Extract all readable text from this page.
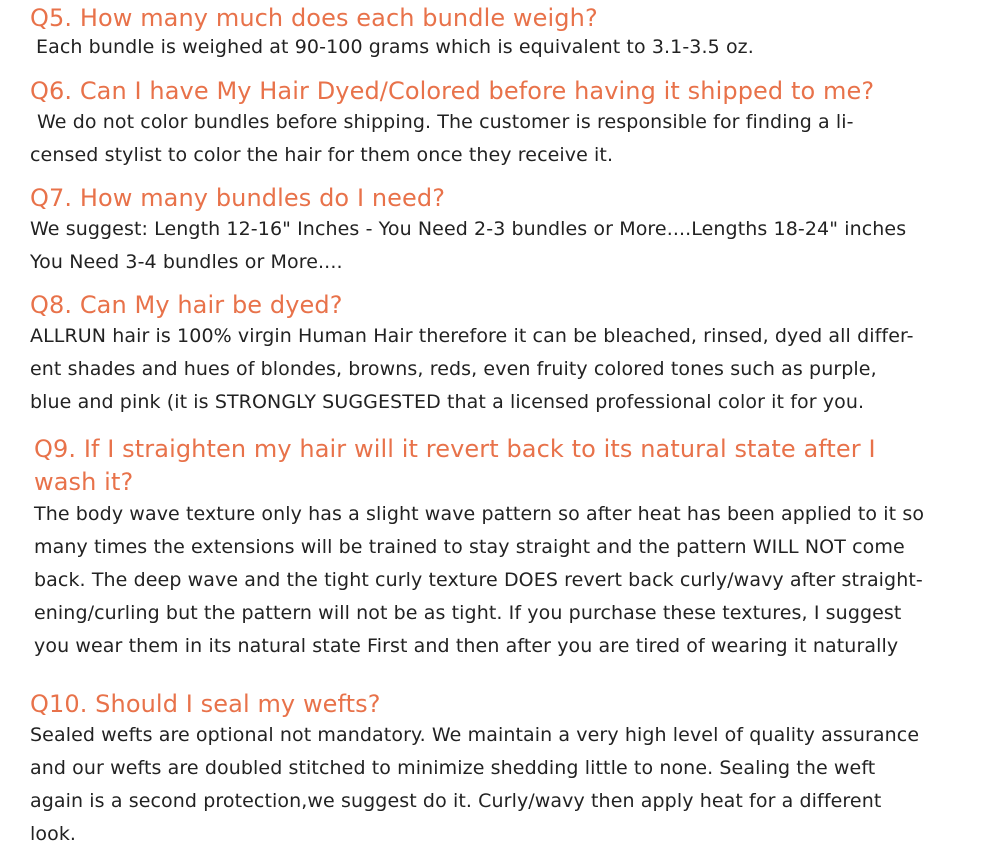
Q5. How many much does each bundle weigh?
Each bundle is weighed at 90-100 grams which is equivalent to 3.1-3.5 oz.
Q6. Can I have My Hair Dyed/Colored before having it shipped to me?
We do not color bundles before shipping. The customer is responsible for finding a li-
censed stylist to color the hair for them once they receive it.
Q7. How many bundles do I need?
We suggest: Length 12-16" Inches - You Need 2-3 bundles or More....Lengths 18-24" inches
You Need 3-4 bundles or More....
Q8. Can My hair be dyed?
ALLRUN hair is 100% virgin Human Hair therefore it can be bleached, rinsed, dyed all differ-
ent shades and hues of blondes, browns, reds, even fruity colored tones such as purple,
blue and pink (it is STRONGLY SUGGESTED that a licensed professional color it for you.
Q9. If I straighten my hair will it revert back to its natural state after I
wash it?
The body wave texture only has a slight wave pattern so after heat has been applied to it so
many times the extensions will be trained to stay straight and the pattern WILL NOT come
back. The deep wave and the tight curly texture DOES revert back curly/wavy after straight-
ening/curling but the pattern will not be as tight. If you purchase these textures, I suggest
you wear them in its natural state First and then after you are tired of wearing it naturally
Q10. Should I seal my wefts?
Sealed wefts are optional not mandatory. We maintain a very high level of quality assurance
and our wefts are doubled stitched to minimize shedding little to none. Sealing the weft
again is a second protection,we suggest do it. Curly/wavy then apply heat for a different
look.
